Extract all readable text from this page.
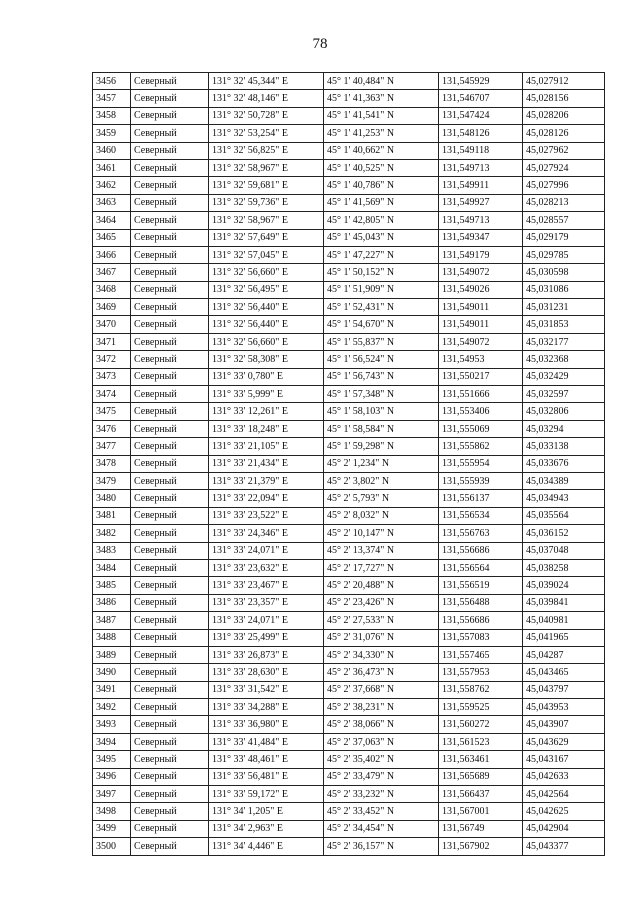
78
3456	Северный	131° 32' 45,344" E	45° 1' 40,484" N	131,545929	45,027912
3457	Северный	131° 32' 48,146" E	45° 1' 41,363" N	131,546707	45,028156
3458	Северный	131° 32' 50,728" E	45° 1' 41,541" N	131,547424	45,028206
3459	Северный	131° 32' 53,254" E	45° 1' 41,253" N	131,548126	45,028126
3460	Северный	131° 32' 56,825" E	45° 1' 40,662" N	131,549118	45,027962
3461	Северный	131° 32' 58,967" E	45° 1' 40,525" N	131,549713	45,027924
3462	Северный	131° 32' 59,681" E	45° 1' 40,786" N	131,549911	45,027996
3463	Северный	131° 32' 59,736" E	45° 1' 41,569" N	131,549927	45,028213
3464	Северный	131° 32' 58,967" E	45° 1' 42,805" N	131,549713	45,028557
3465	Северный	131° 32' 57,649" E	45° 1' 45,043" N	131,549347	45,029179
3466	Северный	131° 32' 57,045" E	45° 1' 47,227" N	131,549179	45,029785
3467	Северный	131° 32' 56,660" E	45° 1' 50,152" N	131,549072	45,030598
3468	Северный	131° 32' 56,495" E	45° 1' 51,909" N	131,549026	45,031086
3469	Северный	131° 32' 56,440" E	45° 1' 52,431" N	131,549011	45,031231
3470	Северный	131° 32' 56,440" E	45° 1' 54,670" N	131,549011	45,031853
3471	Северный	131° 32' 56,660" E	45° 1' 55,837" N	131,549072	45,032177
3472	Северный	131° 32' 58,308" E	45° 1' 56,524" N	131,54953	45,032368
3473	Северный	131° 33' 0,780" E	45° 1' 56,743" N	131,550217	45,032429
3474	Северный	131° 33' 5,999" E	45° 1' 57,348" N	131,551666	45,032597
3475	Северный	131° 33' 12,261" E	45° 1' 58,103" N	131,553406	45,032806
3476	Северный	131° 33' 18,248" E	45° 1' 58,584" N	131,555069	45,03294
3477	Северный	131° 33' 21,105" E	45° 1' 59,298" N	131,555862	45,033138
3478	Северный	131° 33' 21,434" E	45° 2' 1,234" N	131,555954	45,033676
3479	Северный	131° 33' 21,379" E	45° 2' 3,802" N	131,555939	45,034389
3480	Северный	131° 33' 22,094" E	45° 2' 5,793" N	131,556137	45,034943
3481	Северный	131° 33' 23,522" E	45° 2' 8,032" N	131,556534	45,035564
3482	Северный	131° 33' 24,346" E	45° 2' 10,147" N	131,556763	45,036152
3483	Северный	131° 33' 24,071" E	45° 2' 13,374" N	131,556686	45,037048
3484	Северный	131° 33' 23,632" E	45° 2' 17,727" N	131,556564	45,038258
3485	Северный	131° 33' 23,467" E	45° 2' 20,488" N	131,556519	45,039024
3486	Северный	131° 33' 23,357" E	45° 2' 23,426" N	131,556488	45,039841
3487	Северный	131° 33' 24,071" E	45° 2' 27,533" N	131,556686	45,040981
3488	Северный	131° 33' 25,499" E	45° 2' 31,076" N	131,557083	45,041965
3489	Северный	131° 33' 26,873" E	45° 2' 34,330" N	131,557465	45,04287
3490	Северный	131° 33' 28,630" E	45° 2' 36,473" N	131,557953	45,043465
3491	Северный	131° 33' 31,542" E	45° 2' 37,668" N	131,558762	45,043797
3492	Северный	131° 33' 34,288" E	45° 2' 38,231" N	131,559525	45,043953
3493	Северный	131° 33' 36,980" E	45° 2' 38,066" N	131,560272	45,043907
3494	Северный	131° 33' 41,484" E	45° 2' 37,063" N	131,561523	45,043629
3495	Северный	131° 33' 48,461" E	45° 2' 35,402" N	131,563461	45,043167
3496	Северный	131° 33' 56,481" E	45° 2' 33,479" N	131,565689	45,042633
3497	Северный	131° 33' 59,172" E	45° 2' 33,232" N	131,566437	45,042564
3498	Северный	131° 34' 1,205" E	45° 2' 33,452" N	131,567001	45,042625
3499	Северный	131° 34' 2,963" E	45° 2' 34,454" N	131,56749	45,042904
3500	Северный	131° 34' 4,446" E	45° 2' 36,157" N	131,567902	45,043377
